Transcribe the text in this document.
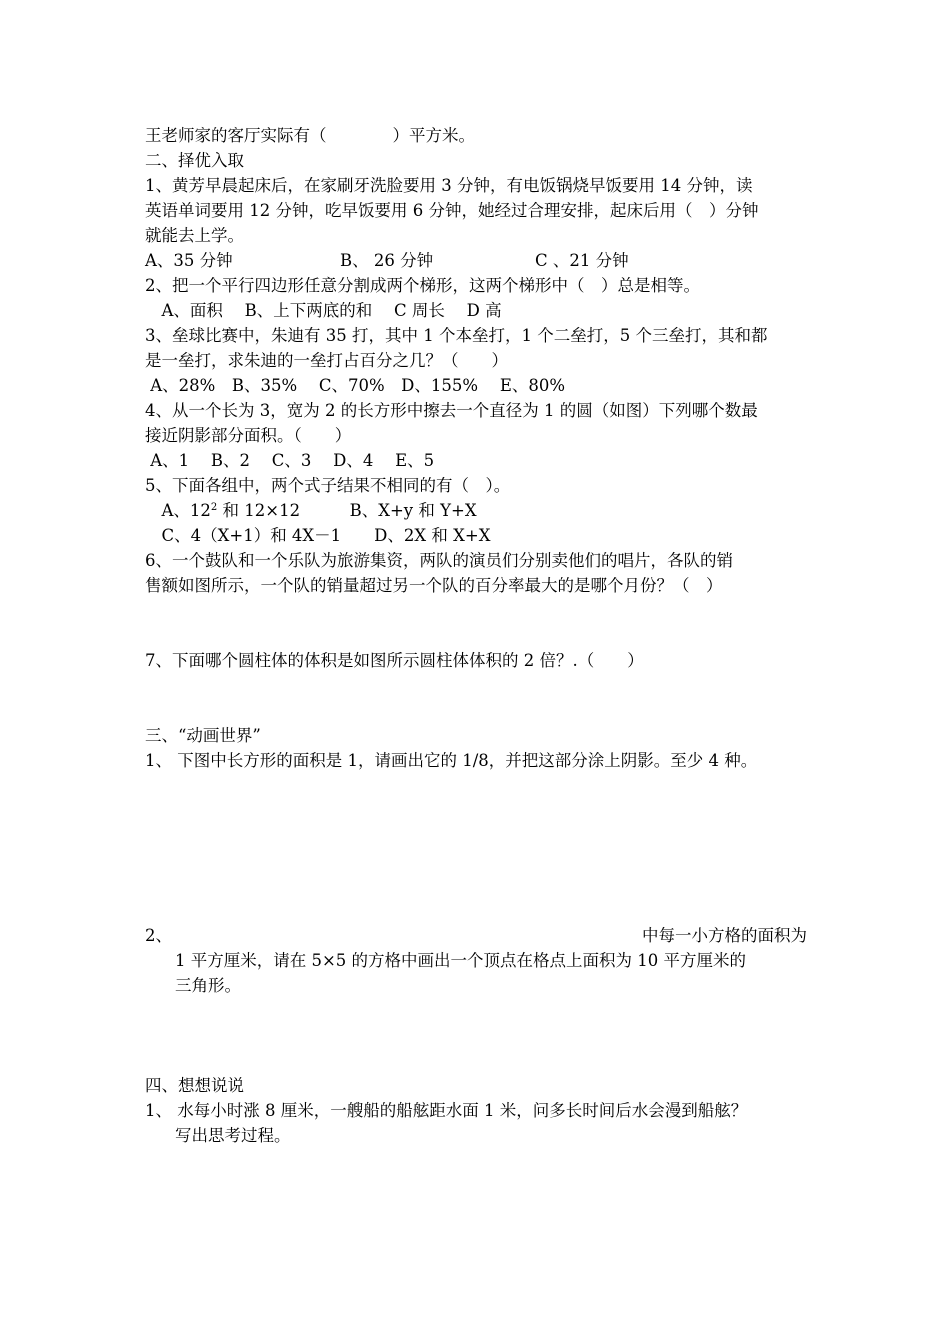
王老师家的客厅实际有（　　　　）平方米。
二、择优入取
1、黄芳早晨起床后，在家刷牙洗脸要用 3 分钟，有电饭锅烧早饭要用 14 分钟，读
英语单词要用 12 分钟，吃早饭要用 6 分钟，她经过合理安排，起床后用（　）分钟
就能去上学。
A、35 分钟	B、 26 分钟	C 、21 分钟
2、把一个平行四边形任意分割成两个梯形，这两个梯形中（　）总是相等。
　A、面积　 B、上下两底的和　 C 周长　 D 高
3、垒球比赛中，朱迪有 35 打，其中 1 个本垒打，1 个二垒打，5 个三垒打，其和都
是一垒打，求朱迪的一垒打占百分之几？（　　）
A、28%　B、35%　 C、70%　D、155%　 E、80%
4、从一个长为 3，宽为 2 的长方形中擦去一个直径为 1 的圆（如图）下列哪个数最
接近阴影部分面积。（　　）
A、1　 B、2　 C、3　 D、4　 E、5
5、下面各组中，两个式子结果不相同的有（　）。
　A、$12^2$ 和 12×12　　　B、X+y 和 Y+X
　C、4（X+1）和 4X－1　　D、2X 和 X+X
6、一个鼓队和一个乐队为旅游集资，两队的演员们分别卖他们的唱片，各队的销
售额如图所示，一个队的销量超过另一个队的百分率最大的是哪个月份？（　）
7、下面哪个圆柱体的体积是如图所示圆柱体体积的 2 倍？.（　　）
三、“动画世界”
1、 下图中长方形的面积是 1，请画出它的 1/8，并把这部分涂上阴影。至少 4 种。
2、	中每一小方格的面积为
1 平方厘米，请在 5×5 的方格中画出一个顶点在格点上面积为 10 平方厘米的
三角形。
四、想想说说
1、 水每小时涨 8 厘米，一艘船的船舷距水面 1 米，问多长时间后水会漫到船舷？
写出思考过程。
